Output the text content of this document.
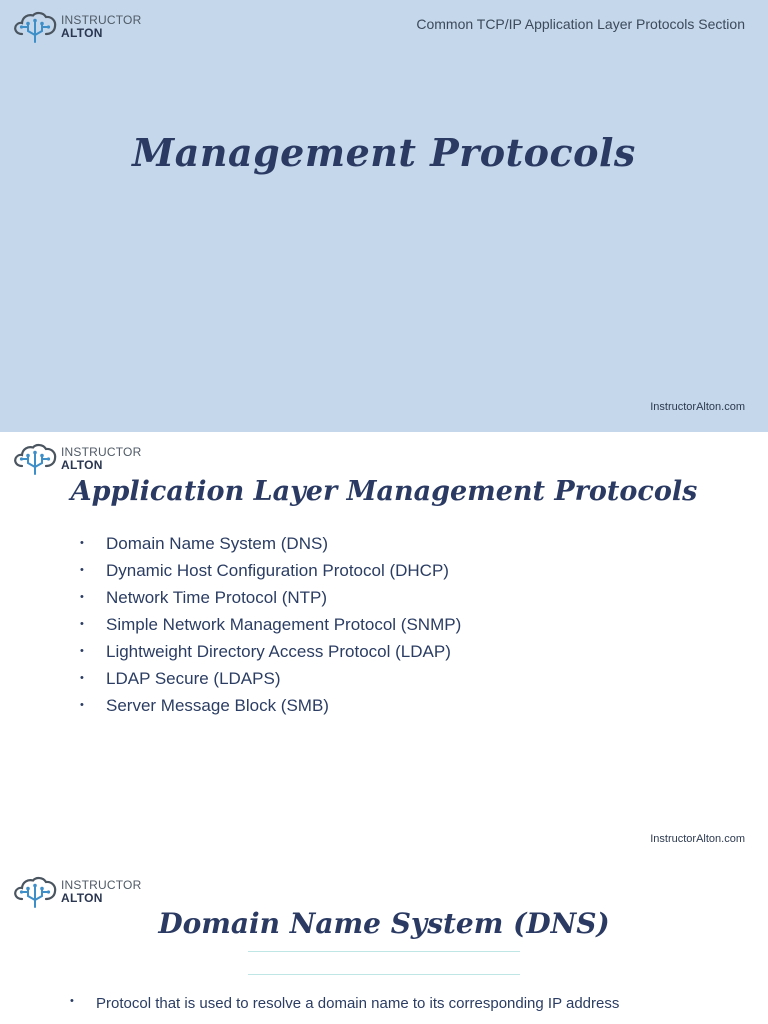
INSTRUCTOR
ALTON
Common TCP/IP Application Layer Protocols Section
Management Protocols
InstructorAlton.com
INSTRUCTOR
ALTON
Application Layer Management Protocols
• Domain Name System (DNS)
• Dynamic Host Configuration Protocol (DHCP)
• Network Time Protocol (NTP)
• Simple Network Management Protocol (SNMP)
• Lightweight Directory Access Protocol (LDAP)
• LDAP Secure (LDAPS)
• Server Message Block (SMB)
InstructorAlton.com
INSTRUCTOR
ALTON
Domain Name System (DNS)
• Protocol that is used to resolve a domain name to its corresponding IP address
